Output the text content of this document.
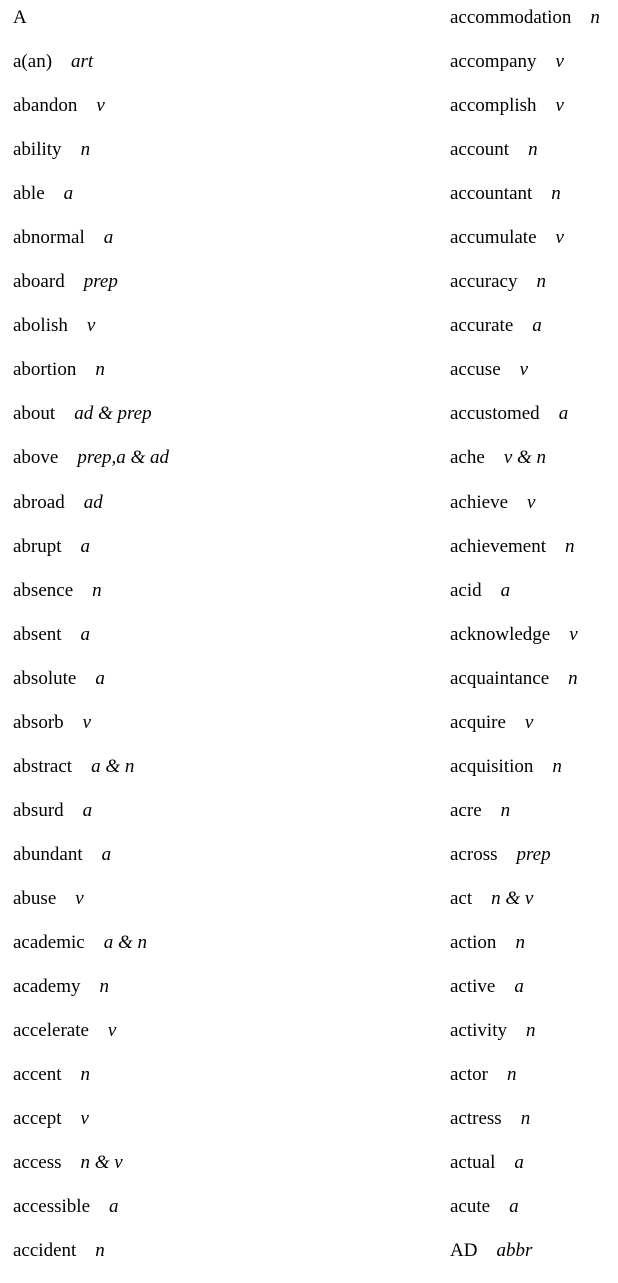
A
a(an) art
abandon v
ability n
able a
abnormal a
aboard prep
abolish v
abortion n
about ad & prep
above prep,a & ad
abroad ad
abrupt a
absence n
absent a
absolute a
absorb v
abstract a & n
absurd a
abundant a
abuse v
academic a & n
academy n
accelerate v
accent n
accept v
access n & v
accessible a
accident n
accommodation n
accompany v
accomplish v
account n
accountant n
accumulate v
accuracy n
accurate a
accuse v
accustomed a
ache v & n
achieve v
achievement n
acid a
acknowledge v
acquaintance n
acquire v
acquisition n
acre n
across prep
act n & v
action n
active a
activity n
actor n
actress n
actual a
acute a
AD abbr
